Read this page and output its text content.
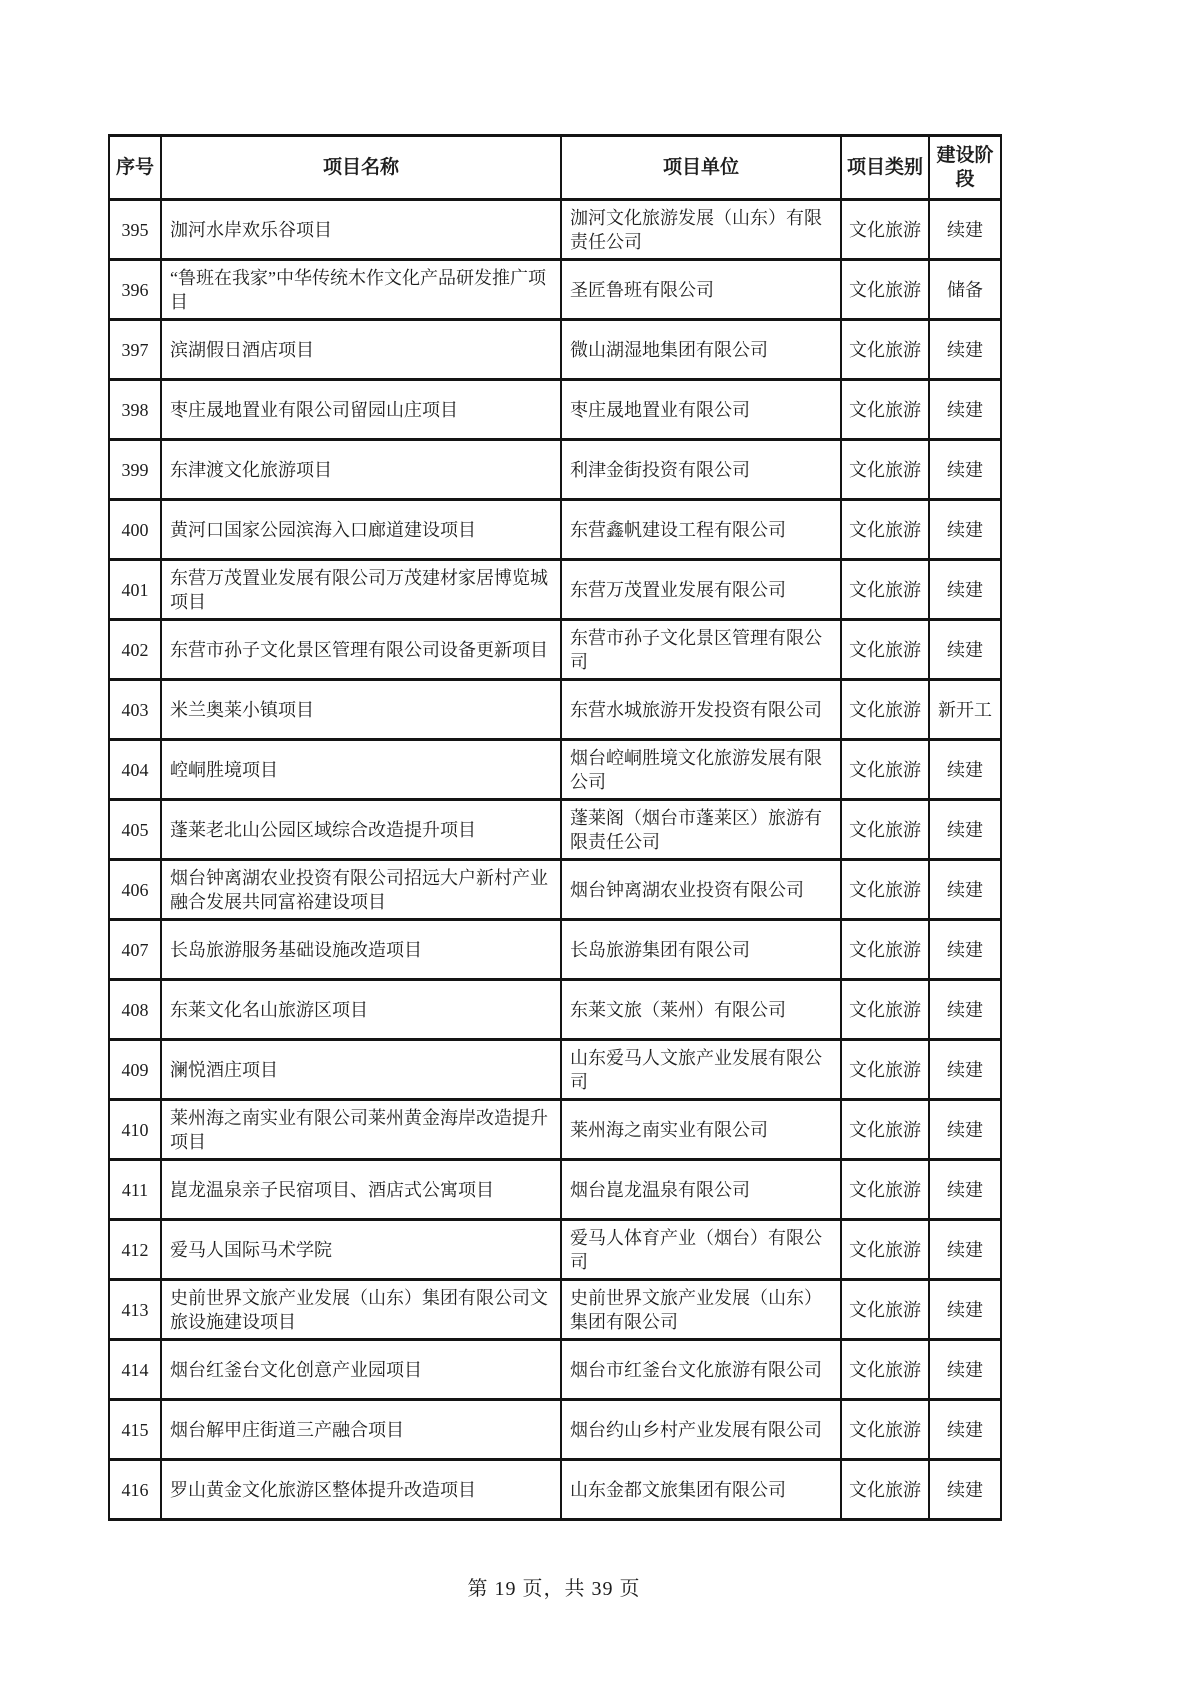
序号	项目名称	项目单位	项目类别	建设阶段
395	泇河水岸欢乐谷项目	泇河文化旅游发展（山东）有限责任公司	文化旅游	续建
396	“鲁班在我家”中华传统木作文化产品研发推广项目	圣匠鲁班有限公司	文化旅游	储备
397	滨湖假日酒店项目	微山湖湿地集团有限公司	文化旅游	续建
398	枣庄晟地置业有限公司留园山庄项目	枣庄晟地置业有限公司	文化旅游	续建
399	东津渡文化旅游项目	利津金街投资有限公司	文化旅游	续建
400	黄河口国家公园滨海入口廊道建设项目	东营鑫帆建设工程有限公司	文化旅游	续建
401	东营万茂置业发展有限公司万茂建材家居博览城项目	东营万茂置业发展有限公司	文化旅游	续建
402	东营市孙子文化景区管理有限公司设备更新项目	东营市孙子文化景区管理有限公司	文化旅游	续建
403	米兰奥莱小镇项目	东营水城旅游开发投资有限公司	文化旅游	新开工
404	崆峒胜境项目	烟台崆峒胜境文化旅游发展有限公司	文化旅游	续建
405	蓬莱老北山公园区域综合改造提升项目	蓬莱阁（烟台市蓬莱区）旅游有限责任公司	文化旅游	续建
406	烟台钟离湖农业投资有限公司招远大户新村产业融合发展共同富裕建设项目	烟台钟离湖农业投资有限公司	文化旅游	续建
407	长岛旅游服务基础设施改造项目	长岛旅游集团有限公司	文化旅游	续建
408	东莱文化名山旅游区项目	东莱文旅（莱州）有限公司	文化旅游	续建
409	澜悦酒庄项目	山东爱马人文旅产业发展有限公司	文化旅游	续建
410	莱州海之南实业有限公司莱州黄金海岸改造提升项目	莱州海之南实业有限公司	文化旅游	续建
411	崑龙温泉亲子民宿项目、酒店式公寓项目	烟台崑龙温泉有限公司	文化旅游	续建
412	爱马人国际马术学院	爱马人体育产业（烟台）有限公司	文化旅游	续建
413	史前世界文旅产业发展（山东）集团有限公司文旅设施建设项目	史前世界文旅产业发展（山东）集团有限公司	文化旅游	续建
414	烟台红釜台文化创意产业园项目	烟台市红釜台文化旅游有限公司	文化旅游	续建
415	烟台解甲庄街道三产融合项目	烟台约山乡村产业发展有限公司	文化旅游	续建
416	罗山黄金文化旅游区整体提升改造项目	山东金都文旅集团有限公司	文化旅游	续建
第 19 页，共 39 页
